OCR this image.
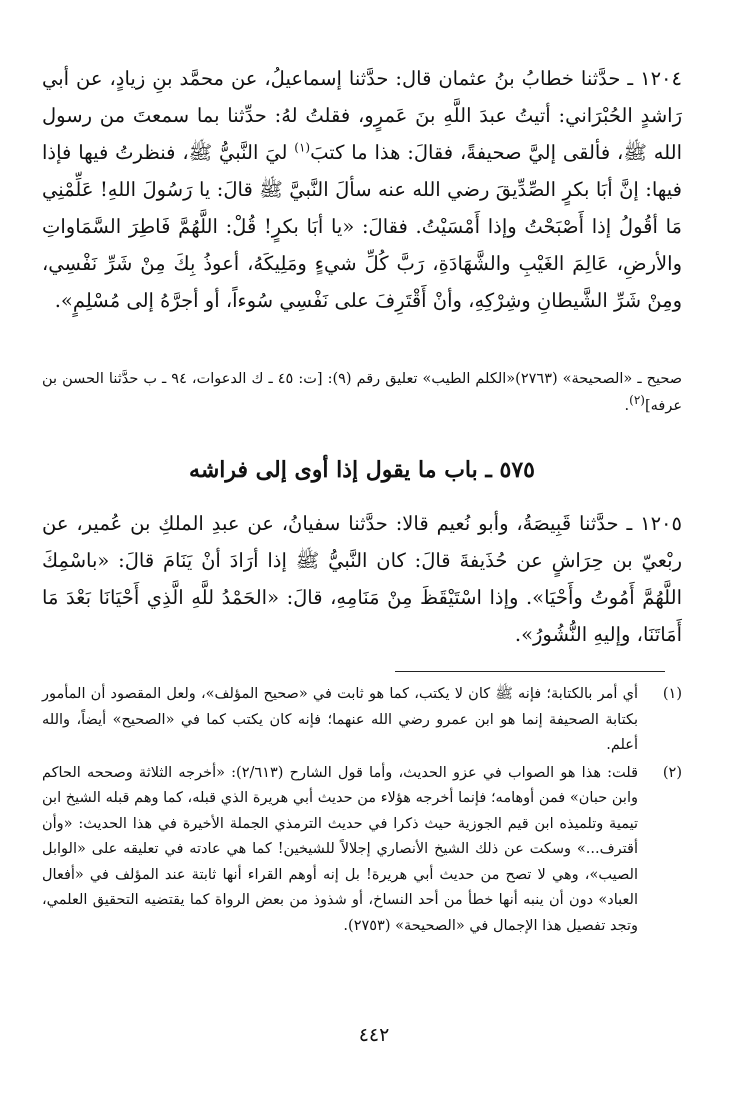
١٢٠٤ ـ حدَّثنا خطابُ بنُ عثمان قال: حدَّثنا إسماعيلُ، عن محمَّد بنِ زيادٍ، عن أبي رَاشدٍ الحُبْرَاني: أتيتُ عبدَ اللَّهِ بنَ عَمرٍو، فقلتُ لهُ: حدِّثنا بما سمعتَ من رسول الله ﷺ، فألقى إليَّ صحيفةً، فقالَ: هذا ما كتبَ$^{(١)}$ ليَ النَّبيُّ ﷺ، فنظرتُ فيها فإذا فيها: إنَّ أبَا بكرٍ الصِّدِّيقَ رضي الله عنه سألَ النَّبيَّ ﷺ قالَ: يا رَسُولَ اللهِ! عَلِّمْنِي مَا أقُولُ إذا أَصْبَحْتُ وإذا أَمْسَيْتُ. فقالَ: «يا أبَا بكرٍ! قُلْ: اللَّهُمَّ فَاطِرَ السَّمَاواتِ والأرضِ، عَالِمَ الغَيْبِ والشَّهَادَةِ، رَبَّ كُلِّ شيءٍ ومَلِيكَهُ، أعوذُ بِكَ مِنْ شَرِّ نَفْسِي، ومِنْ شَرِّ الشَّيطانِ وشِرْكِهِ، وأنْ أَقْتَرِفَ على نَفْسِي سُوءاً، أو أجرَّهُ إلى مُسْلِمٍ».

صحيح ـ «الصحيحة» (٢٧٦٣)«الكلم الطيب» تعليق رقم (٩): [ت: ٤٥ ـ ك الدعوات، ٩٤ ـ ب حدَّثنا الحسن بن عرفه]$^{(٢)}$.

٥٧٥ ـ باب ما يقول إذا أوى إلى فراشه

١٢٠٥ ـ حدَّثنا قَبِيصَةُ، وأبو نُعيم قالا: حدَّثنا سفيانُ، عن عبدِ الملكِ بن عُمير، عن ربْعيّ بن حِرَاشٍ عن حُذَيفةَ قالَ: كان النَّبيُّ ﷺ إذا أرَادَ أنْ يَنَامَ قالَ: «باسْمِكَ اللَّهُمَّ أَمُوتُ وأَحْيَا». وإذا اسْتَيْقَظَ مِنْ مَنَامِهِ، قالَ: «الحَمْدُ للَّهِ الَّذِي أَحْيَانَا بَعْدَ مَا أَمَاتَنَا، وإليهِ النُّشُورُ».

(١)
أي أمر بالكتابة؛ فإنه ﷺ كان لا يكتب، كما هو ثابت في «صحيح المؤلف»، ولعل المقصود أن المأمور بكتابة الصحيفة إنما هو ابن عمرو رضي الله عنهما؛ فإنه كان يكتب كما في «الصحيح» أيضاً، والله أعلم.
(٢)
قلت: هذا هو الصواب في عزو الحديث، وأما قول الشارح (٢/٦١٣): «أخرجه الثلاثة وصححه الحاكم وابن حبان» فمن أوهامه؛ فإنما أخرجه هؤلاء من حديث أبي هريرة الذي قبله، كما وهم قبله الشيخ ابن تيمية وتلميذه ابن قيم الجوزية حيث ذكرا في حديث الترمذي الجملة الأخيرة في هذا الحديث: «وأن أقترف...» وسكت عن ذلك الشيخ الأنصاري إجلالاً للشيخين! كما هي عادته في تعليقه على «الوابل الصيب»، وهي لا تصح من حديث أبي هريرة! بل إنه أوهم القراء أنها ثابتة عند المؤلف في «أفعال العباد» دون أن ينبه أنها خطأ من أحد النساخ، أو شذوذ من بعض الرواة كما يقتضيه التحقيق العلمي، وتجد تفصيل هذا الإجمال في «الصحيحة» (٢٧٥٣).
٤٤٢
